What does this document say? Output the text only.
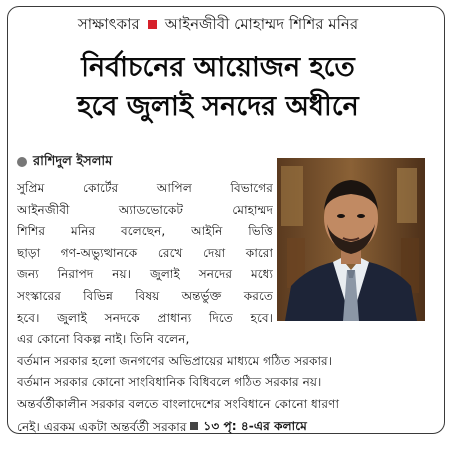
সাক্ষাৎকার আইনজীবী মোহাম্মদ শিশির মনির
নির্বাচনের আয়োজন হতে
হবে জুলাই সনদের অধীনে
রাশিদুল ইসলাম
সুপ্রিম কোর্টের আপিল বিভাগের
আইনজীবী অ্যাডভোকেট মোহাম্মদ
শিশির মনির বলেছেন, আইনি ভিত্তি
ছাড়া গণ-অভ্যুত্থানকে রেখে দেয়া কারো
জন্য নিরাপদ নয়। জুলাই সনদের মধ্যে
সংস্কারের বিভিন্ন বিষয় অন্তর্ভুক্ত করতে
হবে। জুলাই সনদকে প্রাধান্য দিতে হবে।
এর কোনো বিকল্প নাই। তিনি বলেন,
বর্তমান সরকার হলো জনগণের অভিপ্রায়ের মাধ্যমে গঠিত সরকার।
বর্তমান সরকার কোনো সাংবিধানিক বিধিবলে গঠিত সরকার নয়।
অন্তর্বর্তীকালীন সরকার বলতে বাংলাদেশের সংবিধানে কোনো ধারণা
নেই। এরকম একটা অন্তর্বর্তী সরকার ১৩ পৃ: ৪-এর কলামে
